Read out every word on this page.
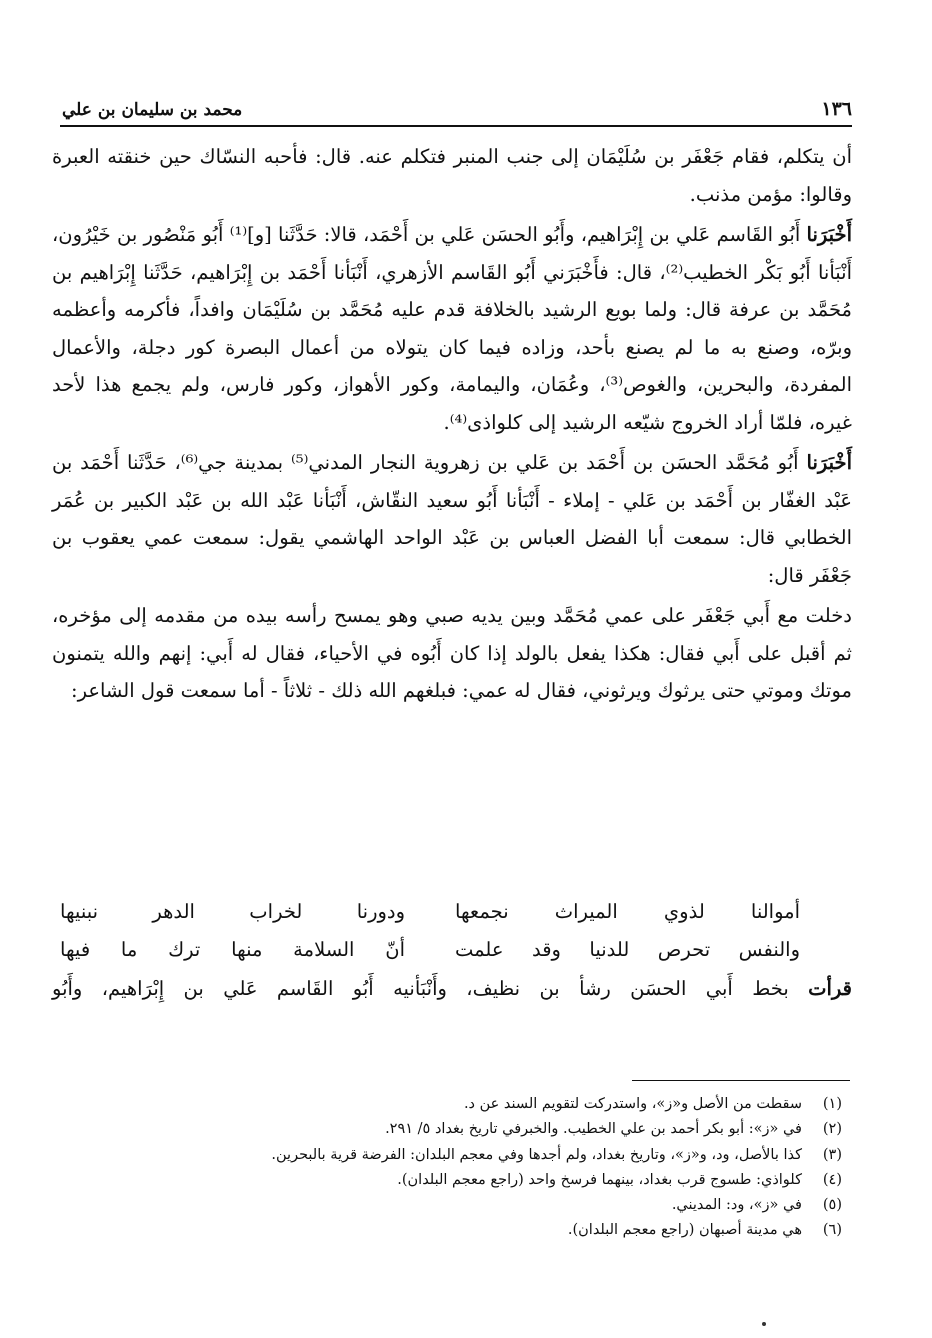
محمد بن سليمان بن علي	١٣٦

أن يتكلم، فقام جَعْفَر بن سُلَيْمَان إلى جنب المنبر فتكلم عنه. قال: فأحبه النسّاك حين خنقته العبرة وقالوا: مؤمن مذنب.

أَخْبَرَنا أَبُو القَاسم عَلي بن إِبْرَاهيم، وأَبُو الحسَن عَلي بن أَحْمَد، قالا: حَدَّثَنا [و]⁽¹⁾ أَبُو مَنْصُور بن خَيْرُون، أَنْبَأنا أَبُو بَكْر الخطيب⁽²⁾، قال: فأَخْبَرَني أَبُو القَاسم الأزهري، أَنْبَأنا أَحْمَد بن إِبْرَاهيم، حَدَّثَنا إِبْرَاهيم بن مُحَمَّد بن عرفة قال: ولما بويع الرشيد بالخلافة قدم عليه مُحَمَّد بن سُلَيْمَان وافداً، فأكرمه وأعظمه وبرّه، وصنع به ما لم يصنع بأحد، وزاده فيما كان يتولاه من أعمال البصرة كور دجلة، والأعمال المفردة، والبحرين، والغوص⁽³⁾، وعُمَان، واليمامة، وكور الأهواز، وكور فارس، ولم يجمع هذا لأحد غيره، فلمّا أراد الخروج شيّعه الرشيد إلى كلواذى⁽⁴⁾.

أَخْبَرَنا أَبُو مُحَمَّد الحسَن بن أَحْمَد بن عَلي بن زهروية النجار المدني⁽⁵⁾ بمدينة جي⁽⁶⁾، حَدَّثَنا أَحْمَد بن عَبْد الغفّار بن أَحْمَد بن عَلي - إملاء - أَنْبَأنا أَبُو سعيد النقّاش، أَنْبَأنا عَبْد الله بن عَبْد الكبير بن عُمَر الخطابي قال: سمعت أبا الفضل العباس بن عَبْد الواحد الهاشمي يقول: سمعت عمي يعقوب بن جَعْفَر قال:

دخلت مع أَبي جَعْفَر على عمي مُحَمَّد وبين يديه صبي وهو يمسح رأسه بيده من مقدمه إلى مؤخره، ثم أقبل على أَبي فقال: هكذا يفعل بالولد إذا كان أَبُوه في الأحياء، فقال له أَبي: إنهم والله يتمنون موتك وموتي حتى يرثوك ويرثوني، فقال له عمي: فبلغهم الله ذلك - ثلاثاً - أما سمعت قول الشاعر:

أموالنا لذوي الميراث نجمعها
ودورنا لخراب الدهر نبنيها
والنفس تحرص للدنيا وقد علمت
أنّ السلامة منها ترك ما فيها
قرأت بخط أَبي الحسَن رشأ بن نظيف، وأَنْبَأنيه أَبُو القَاسم عَلي بن إِبْرَاهيم، وأَبُو
(١)
سقطت من الأصل و«ز»، واستدركت لتقويم السند عن د.
(٢)
في «ز»: أبو بكر أحمد بن علي الخطيب. والخبرفي تاريخ بغداد ٥/ ٢٩١.
(٣)
كذا بالأصل، ود، و«ز»، وتاريخ بغداد، ولم أجدها وفي معجم البلدان: الفرضة قرية بالبحرين.
(٤)
كلواذي: طسوج قرب بغداد، بينهما فرسخ واحد (راجع معجم البلدان).
(٥)
في «ز»، ود: المديني.
(٦)
هي مدينة أصبهان (راجع معجم البلدان).
